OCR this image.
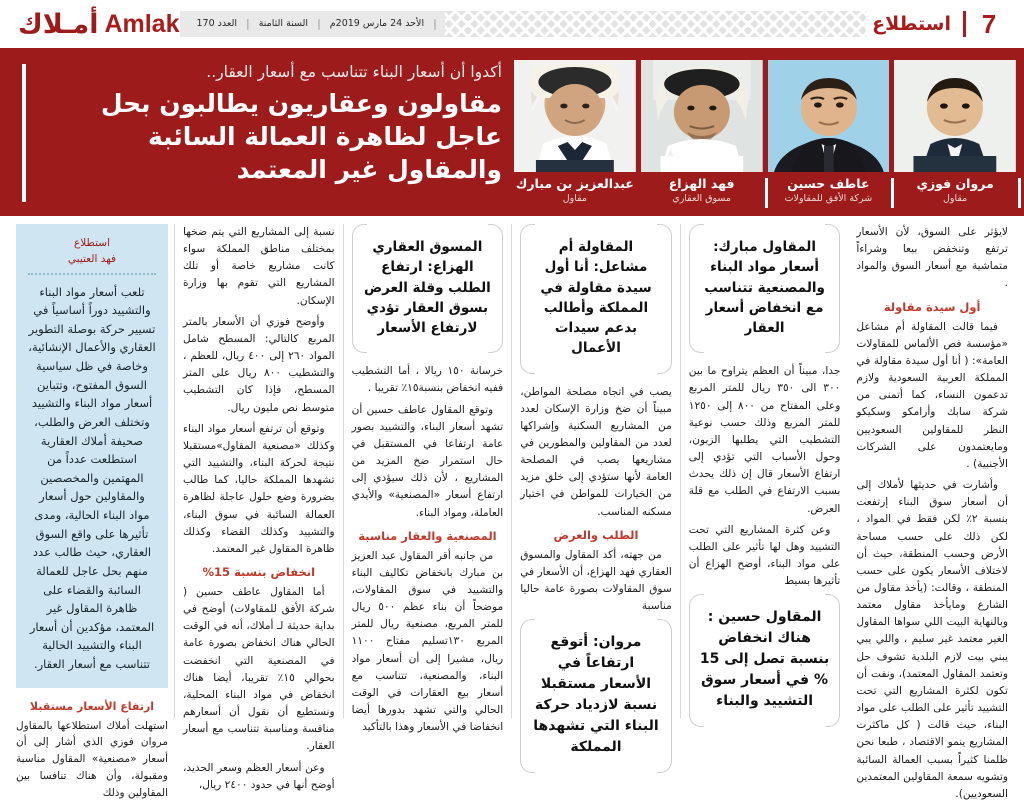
أمـلاك Amlak	العدد 170 | السنة الثامنة | الأحد 24 مارس 2019م |	استطلاع 7
أكدوا أن أسعار البناء تتناسب مع أسعار العقار..
مقاولون وعقاريون يطالبون بحل عاجل لظاهرة العمالة السائبة والمقاول غير المعتمد عبدالعزيز بن مبارك
مقاول
فهد الهزاع
مسوق العقاري
عاطف حسين
شركة الأفق للمقاولات
مروان فوزي
مقاول
استطلاع
فهد العتيبي
تلعب أسعار مواد البناء والتشييد دوراً أساسياً في تسيير حركة بوصلة التطوير العقاري والأعمال الإنشائية، وخاصة في ظل سياسية السوق المفتوح، وتتباين أسعار مواد البناء والتشييد وتختلف العرض والطلب، صحيفة أملاك العقارية استطلعت عدداً من المهتمين والمخصصين والمقاولين حول أسعار مواد البناء الحالية، ومدى تأثيرها على واقع السوق العقاري، حيث طالب عدد منهم بحل عاجل للعمالة السائبة والقضاء على ظاهرة المقاول غير المعتمد، مؤكدين أن أسعار البناء والتشييد الحالية تتناسب مع أسعار العقار.
ارتفاع الأسعار مستقبلا
استهلت أملاك استطلاعها بالمقاول مروان فوزي الذي أشار إلى أن أسعار «مصنعية» المقاول مناسبة ومقبولة، وأن هناك تنافسا بين المقاولين وذلك

نسبة إلى المشاريع التي يتم ضخها بمختلف مناطق المملكة سواء كانت مشاريع خاصة أو تلك المشاريع التي تقوم بها وزارة الإسكان.

وأوضح فوزي أن الأسعار بالمتر المربع كالتالي: المسطح شامل المواد ٢٦٠ إلى ٤٠٠ ريال، للعظم ، والتشطيب ٨٠٠ ريال على المتر المسطح، فإذا كان التشطيب متوسط نص مليون ريال.

وتوقع أن ترتفع أسعار مواد البناء وكذلك «مصنعية المقاول»مستقبلا نتيجة لحركة البناء، والتشييد التي تشهدها المملكة حاليا، كما طالب بضرورة وضع حلول عاجلة لظاهرة العمالة السائبة في سوق البناء، والتشييد وكذلك القضاء وكذلك ظاهرة المقاول غير المعتمد.

انخفاض بنسبة 15%

أما المقاول عاطف حسين ( شركة الأفق للمقاولات) أوضح في بداية حديثة لـ أملاك، أنه في الوقت الحالي هناك انخفاض بصورة عامة في المصنعية التي انخفضت بحوالي ١٥٪ تقريبا، أيضا هناك انخفاض في مواد البناء المحلية، ونستطيع أن نقول أن أسعارهم منافسة ومناسبة تتناسب مع أسعار العقار.

وعن أسعار العظم وسعر الحديد، أوضح أنها في حدود ٢٤٠٠ ريال،

المسوق العقاري الهزاع: ارتفاع الطلب وقلة العرض بسوق العقار تؤدي لارتفاع الأسعار

خرسانة ١٥٠ ريالا ، أما التشطيب ففيه انخفاض بنسبة١٥٪ تقريبا .

وتوقع المقاول عاطف حسين أن تشهد أسعار البناء، والتشييد بصور عامة ارتفاعا في المستقبل في حال استمرار ضخ المزيد من المشاريع ، لأن ذلك سيؤدي إلى ارتفاع أسعار «المصنعية» والأيدي العاملة، ومواد البناء.

المصنعية والعقار مناسبة

من جانبه أقر المقاول عبد العزيز بن مبارك بانخفاض تكاليف البناء والتشييد في سوق المقاولات، موضحاً أن بناء عظم ٥٠٠ ريال للمتر المربع، مصنعية ريال للمتر المربع ١٣٠تسليم مفتاح ١١٠٠ ريال، مشيرا إلى أن أسعار مواد البناء، والمصنعية، تتناسب مع أسعار بيع العقارات في الوقت الحالي والتي تشهد بدورها أيضا انخفاضا في الأسعار وهذا بالتأكيد

المقاولة أم مشاعل: أنا أول سيدة مقاولة في المملكة وأطالب بدعم سيدات الأعمال

يصب في اتجاه مصلحة المواطن، مبيناً أن ضخ وزارة الإسكان لعدد من المشاريع السكنية وإشراكها لعدد من المقاولين والمطورين في مشاريعها يصب في المصلحة العامة لأنها ستؤدي إلى خلق مزيد من الخيارات للمواطن في اختيار مسكنه المناسب.

الطلب والعرض

من جهته، أكد المقاول والمسوق العقاري فهد الهزاع، أن الأسعار في سوق المقاولات بصورة عامة حاليا مناسبة

مروان: أتوقع ارتفاعاً في الأسعار مستقبلا نسبة لازدياد حركة البناء التي تشهدها المملكة
المقاول مبارك: أسعار مواد البناء والمصنعية تتناسب مع انخفاض أسعار العقار

جدا، مبيناً أن العظم يتراوح ما بين ٣٠٠ الى ٣٥٠ ريال للمتر المربع وعلى المفتاح من ٨٠٠ إلى ١٢٥٠ للمتر المربع وذلك حسب نوعية التشطيب التي يطلبها الزبون، وحول الأسباب التي تؤدي إلى ارتفاع الأسعار قال إن ذلك يحدث بسبب الارتفاع في الطلب مع قلة العرض.

وعن كثرة المشاريع التي تحت التشييد وهل لها تأثير على الطلب على مواد البناء، أوضح الهزاع أن تأثيرها بسيط

المقاول حسين : هناك انخفاض بنسبة تصل إلى 15 % في أسعار سوق التشييد والبناء

لايؤثر على السوق، لأن الأسعار ترتفع وتنخفض بيعا وشراءاً متماشية مع أسعار السوق والمواد .

أول سيدة مقاولة

فيما قالت المقاولة أم مشاعل «مؤسسة فص الألماس للمقاولات العامة»: ( أنا أول سيدة مقاولة في المملكة العربية السعودية ولازم تدعمون النساء، كما أتمنى من شركة سابك وأرامكو وسكيكو النظر للمقاولين السعوديين ومايعتمدون على الشركات الأجنبية) .

وأشارت في حديثها لأملاك إلى أن أسعار سوق البناء إرتفعت بنسبة ٢٪ لكن فقط في المواد ، لكن ذلك على حسب مساحة الأرض وحسب المنطقة، حيث أن لاختلاف الأسعار يكون على حسب المنطقة ، وقالت: (يأخذ مقاول من الشارع ومايأخذ مقاول معتمد وبالنهاية البيت اللي سواها المقاول الغير معتمد غير سليم ، واللي يبي يبني بيت لازم البلدية تشوف حل وتعتمد المقاول المعتمد)، ونفت أن تكون لكثرة المشاريع التي تحت التشييد تأثير على الطلب على مواد البناء، حيث قالت ( كل ماكثرت المشاريع ينمو الاقتصاد ، طبعا نحن ظلمنا كثيراً بسبب العمالة السائبة وتشويه سمعة المقاولين المعتمدين السعوديين).
